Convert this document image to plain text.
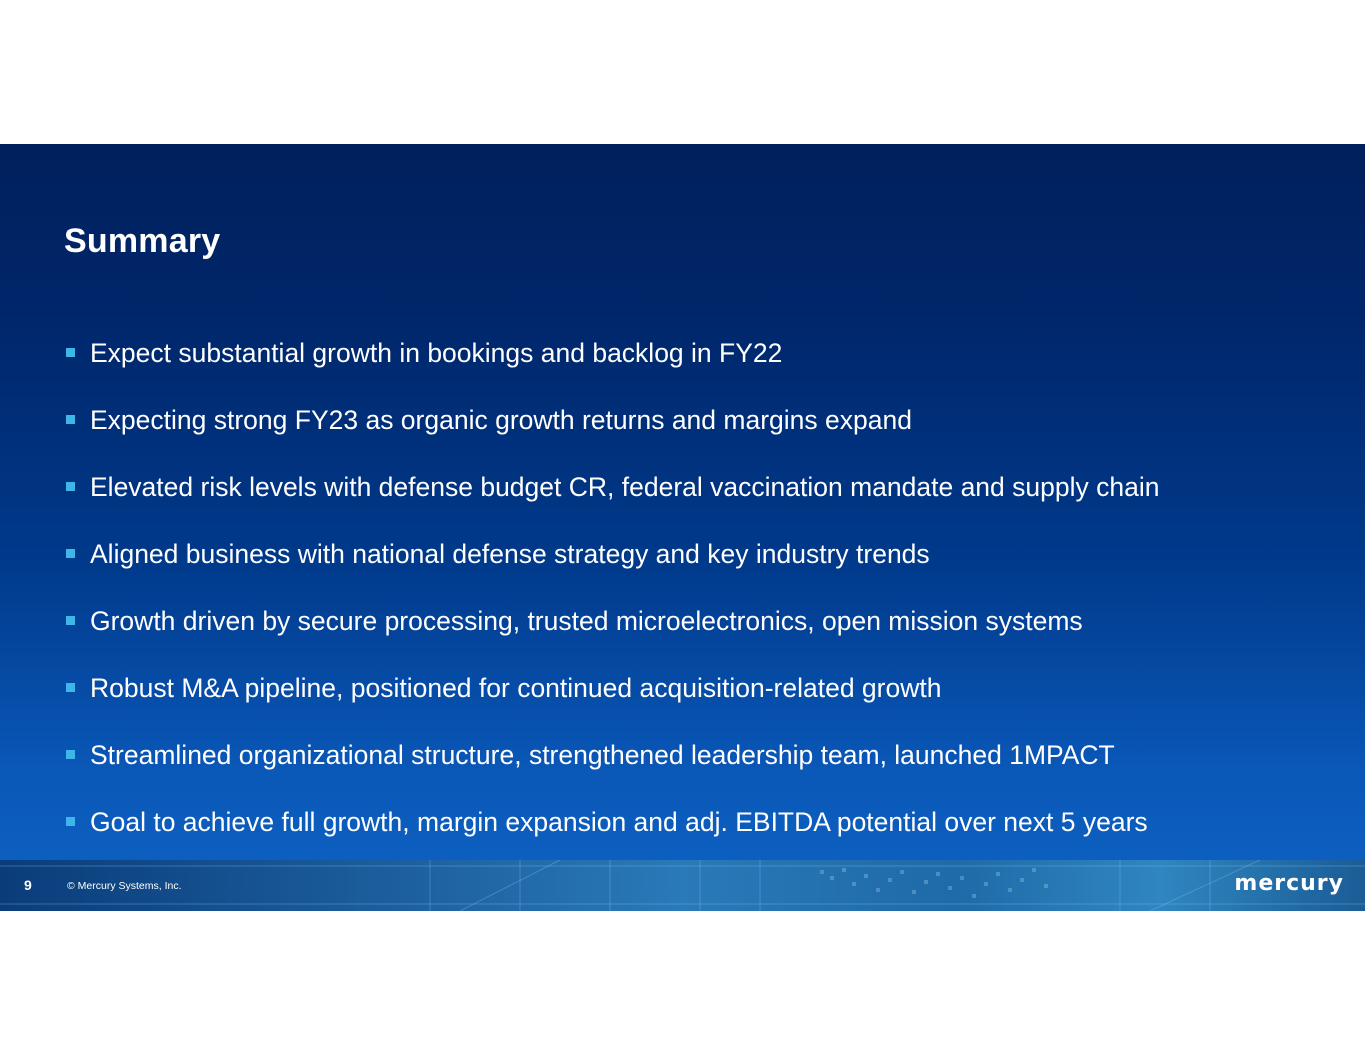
Summary
Expect substantial growth in bookings and backlog in FY22
Expecting strong FY23 as organic growth returns and margins expand
Elevated risk levels with defense budget CR, federal vaccination mandate and supply chain
Aligned business with national defense strategy and key industry trends
Growth driven by secure processing, trusted microelectronics, open mission systems
Robust M&A pipeline, positioned for continued acquisition-related growth
Streamlined organizational structure, strengthened leadership team, launched 1MPACT
Goal to achieve full growth, margin expansion and adj. EBITDA potential over next 5 years
9	© Mercury Systems, Inc.	mercury
